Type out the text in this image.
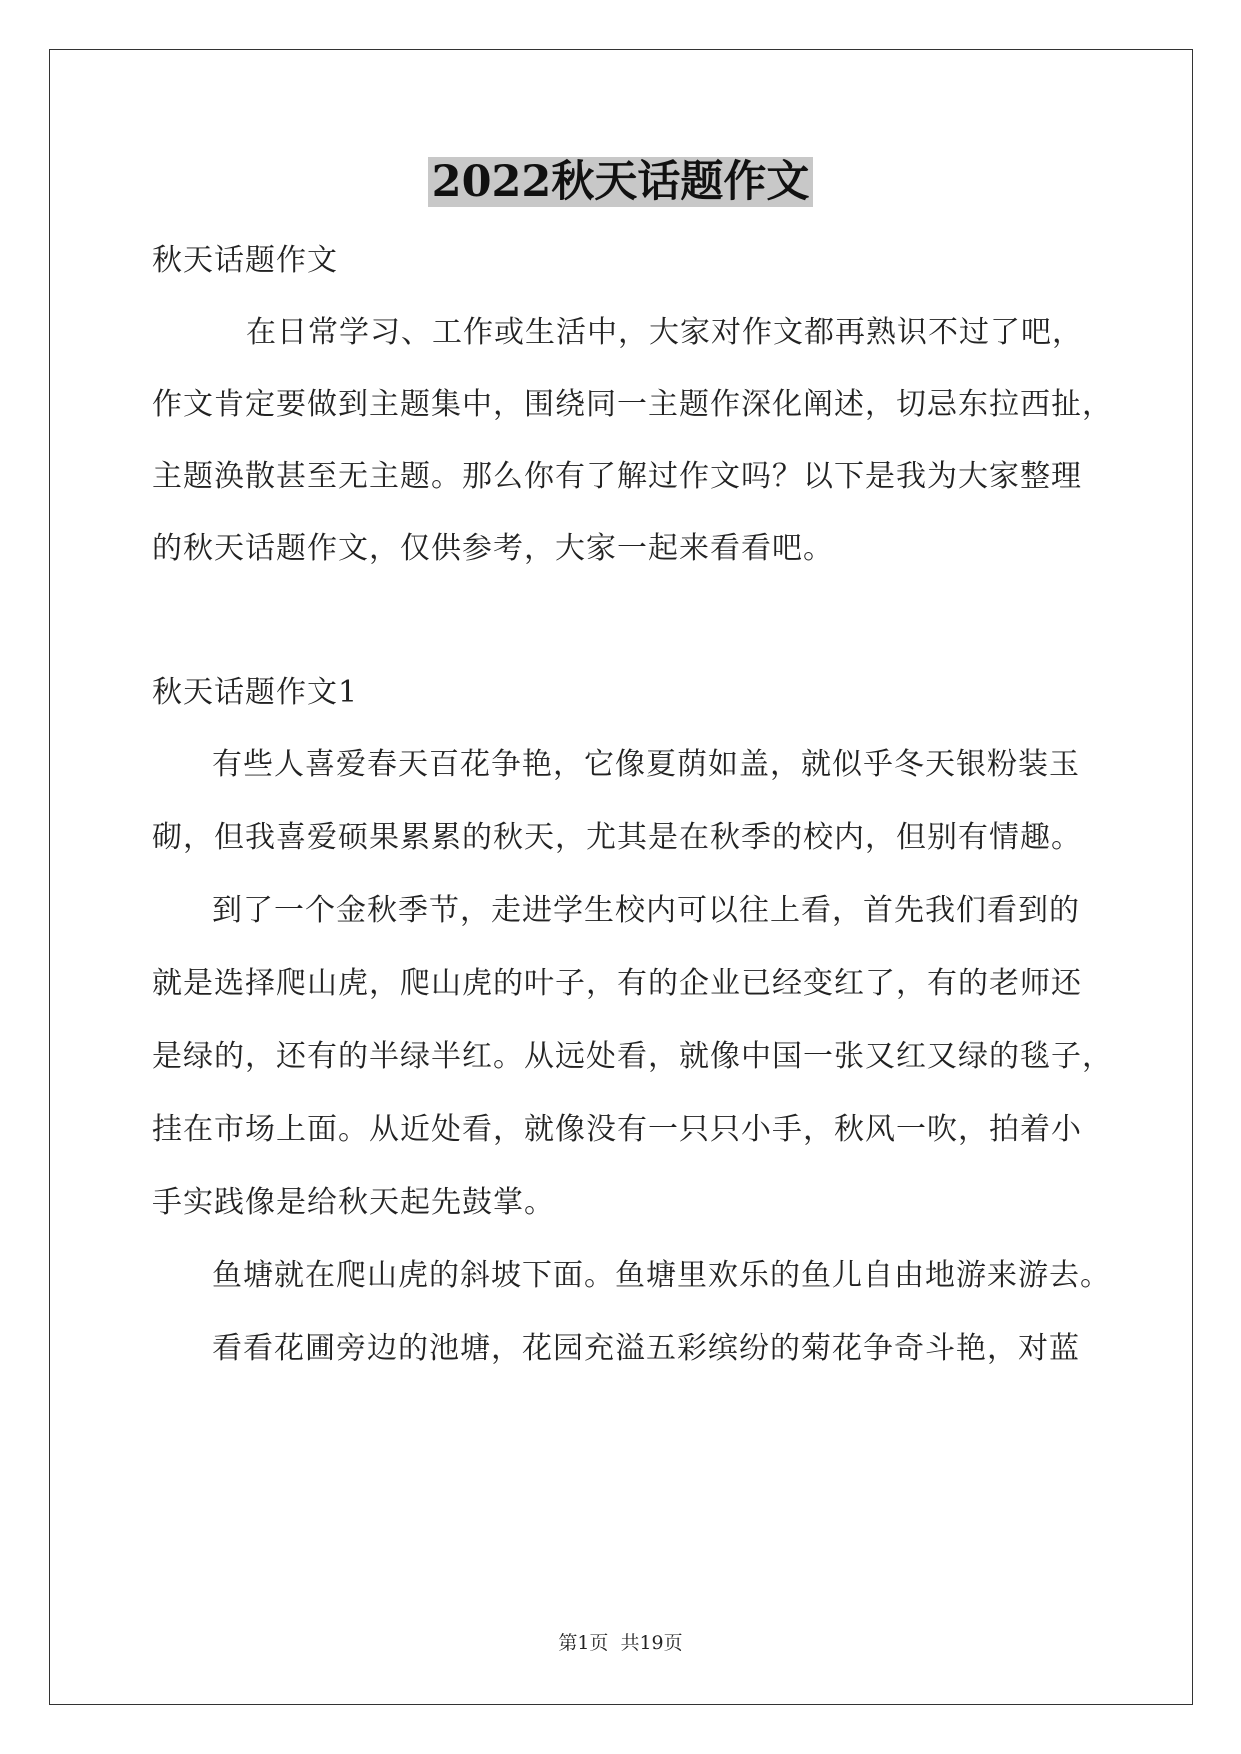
2022秋天话题作文
秋天话题作文
在日常学习、工作或生活中，大家对作文都再熟识不过了吧，
作文肯定要做到主题集中，围绕同一主题作深化阐述，切忌东拉西扯，
主题涣散甚至无主题。那么你有了解过作文吗？以下是我为大家整理
的秋天话题作文，仅供参考，大家一起来看看吧。
秋天话题作文1
有些人喜爱春天百花争艳，它像夏荫如盖，就似乎冬天银粉装玉
砌，但我喜爱硕果累累的秋天，尤其是在秋季的校内，但别有情趣。
到了一个金秋季节，走进学生校内可以往上看，首先我们看到的
就是选择爬山虎，爬山虎的叶子，有的企业已经变红了，有的老师还
是绿的，还有的半绿半红。从远处看，就像中国一张又红又绿的毯子，
挂在市场上面。从近处看，就像没有一只只小手，秋风一吹，拍着小
手实践像是给秋天起先鼓掌。
鱼塘就在爬山虎的斜坡下面。鱼塘里欢乐的鱼儿自由地游来游去。
看看花圃旁边的池塘，花园充溢五彩缤纷的菊花争奇斗艳，对蓝
第1页 共19页
